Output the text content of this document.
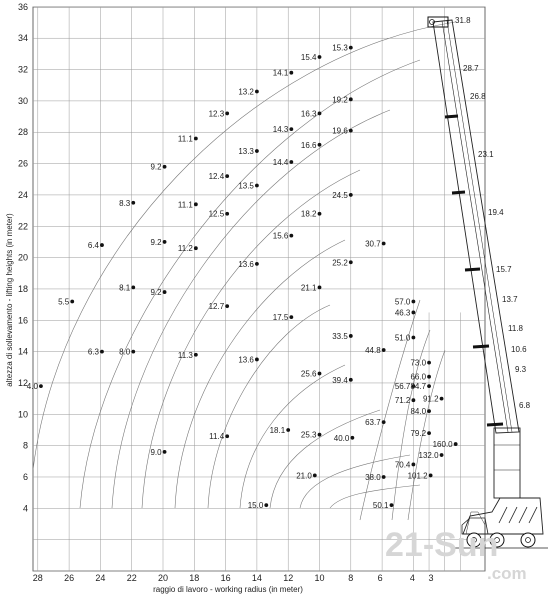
15.3
15.4
14.1
13.2
12.3
11.1
9.2
8.3
6.4
5.5
4.0
19.2
16.3
19.6
14.3
16.6
13.3
14.4
12.4
13.5
24.5
11.1
12.5	18.2
9.2
15.6
11.2
30.7
25.2
13.6
8.1	21.1
9.2
57.0
12.7
46.3
17.5
33.5	51.0
6.3	8.0	44.8
11.3
13.6	73.0
25.6	66.0
39.4
56.7 84.7
91.2
71.2
84.0
63.7
18.1	79.2
25.3 40.0
11.4
160.0
132.0
9.0
70.4
21.0	38.0	101.2
15.0	50.1
31.8
28.7
26.8
23.1
19.4
15.7
13.7
11.8
10.6
9.3
6.8
4
6
8
10
12
14
16
18
20
22
24
26
28
30
32
34
36
28 26 24 22 20 18 16 14 12 10	8	6	4 3
raggio di lavoro - working radius (in meter)
altezza di sollevamento - lifting heights (in meter)
21-Sun
.com
